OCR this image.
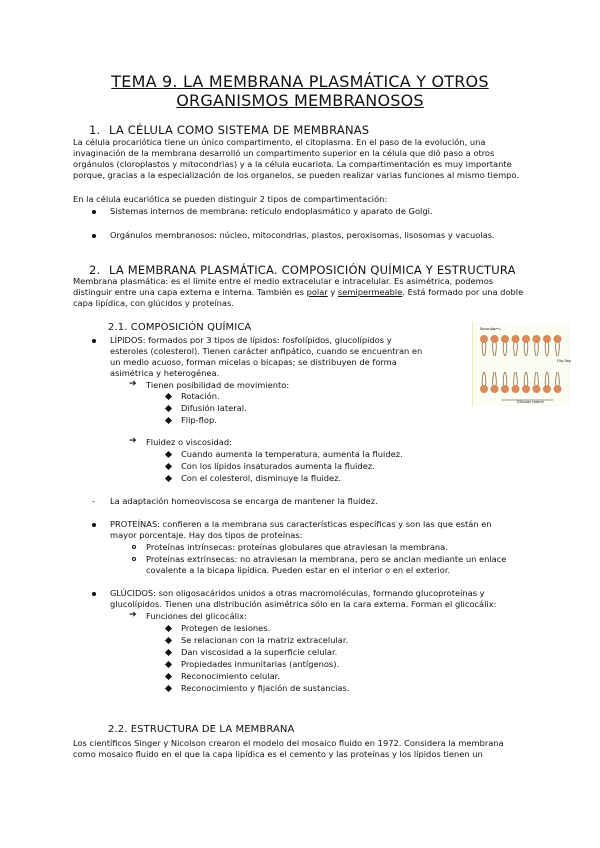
TEMA 9. LA MEMBRANA PLASMÁTICA Y OTROS
ORGANISMOS MEMBRANOSOS
1. LA CÉLULA COMO SISTEMA DE MEMBRANAS
La célula procariótica tiene un único compartimento, el citoplasma. En el paso de la evolución, una
invaginación de la membrana desarrolló un compartimento superior en la célula que dió paso a otros
orgánulos (cloroplastos y mitocondrias) y a la célula eucariota. La compartimentación es muy importante
porque, gracias a la especialización de los organelos, se pueden realizar varias funciones al mismo tiempo.
En la célula eucariótica se pueden distinguir 2 tipos de compartimentación:
Sistemas internos de membrana: retículo endoplasmático y aparato de Golgi.
Orgánulos membranosos: núcleo, mitocondrias, plastos, peroxisomas, lisosomas y vacuolas.
2. LA MEMBRANA PLASMÁTICA. COMPOSICIÓN QUÍMICA Y ESTRUCTURA
Membrana plasmática: es el límite entre el medio extracelular e intracelular. Es asimétrica, podemos
distinguir entre una capa externa e interna. También es polar y semipermeable. Está formado por una doble
capa lipídica, con glúcidos y proteínas.
2.1. COMPOSICIÓN QUÍMICA
LÍPIDOS: formados por 3 tipos de lípidos: fosfolípidos, glucolípidos y
esteroles (colesterol). Tienen carácter anfipático, cuando se encuentran en
un medio acuoso, forman micelas o bicapas; se distribuyen de forma
asimétrica y heterogénea.
➔ Tienen posibilidad de movimiento:
Rotación.
Difusión lateral.
Flip-flop.
➔ Fluidez o viscosidad:
Cuando aumenta la temperatura, aumenta la fluidez.
Con los lípidos insaturados aumenta la fluidez.
Con el colesterol, disminuye la fluidez.
- La adaptación homeoviscosa se encarga de mantener la fluidez.
PROTEÍNAS: confieren a la membrana sus características específicas y son las que están en
mayor porcentaje. Hay dos tipos de proteínas:
Proteínas intrínsecas: proteínas globulares que atraviesan la membrana.
Proteínas extrínsecas: no atraviesan la membrana, pero se anclan mediante un enlace
covalente a la bicapa lipídica. Pueden estar en el interior o en el exterior.
GLÚCIDOS: son oligosacáridos unidos a otras macromoléculas, formando glucoproteínas y
glucolípidos. Tienen una distribución asimétrica sólo en la cara externa. Forman el glicocálix:
➔ Funciones del glicocálix:
Protegen de lesiones.
Se relacionan con la matriz extracelular.
Dan viscosidad a la superficie celular.
Propiedades inmunitarias (antígenos).
Reconocimiento celular.
Reconocimiento y fijación de sustancias.
2.2. ESTRUCTURA DE LA MEMBRANA
Los científicos Singer y Nicolson crearon el modelo del mosaico fluido en 1972. Considera la membrana
como mosaico fluido en el que la capa lipídica es el cemento y las proteínas y los lípidos tienen un
Rotación
Flip-flop
Difusión lateral
